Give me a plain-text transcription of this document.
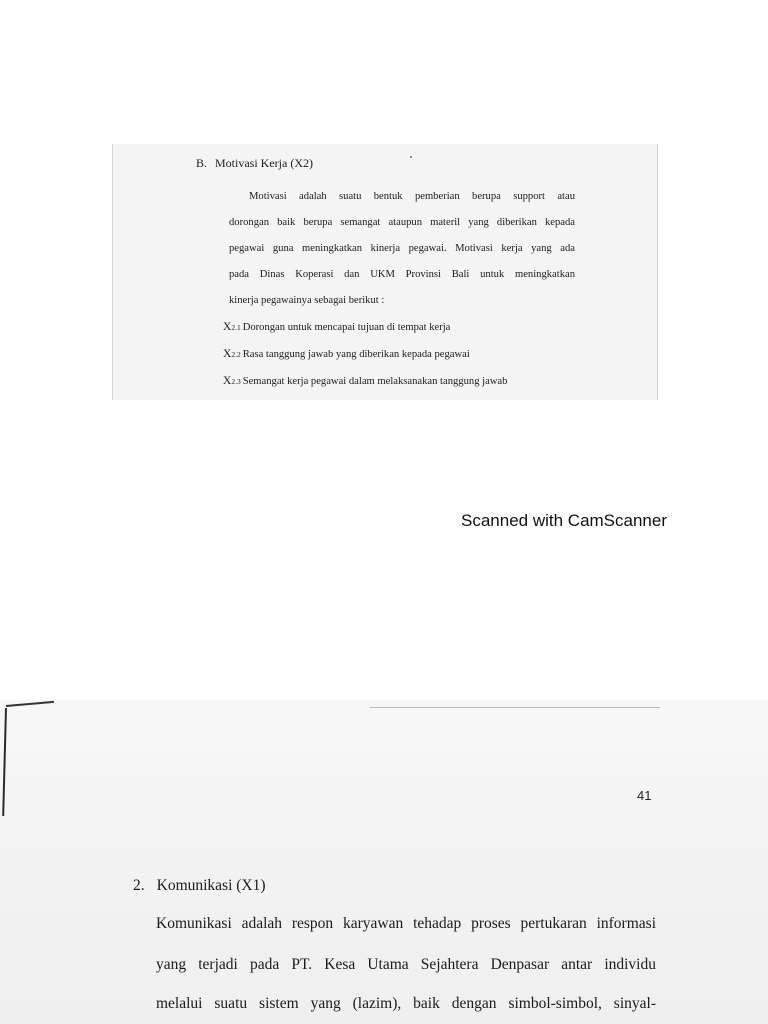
B. Motivasi Kerja (X2)
Motivasi adalah suatu bentuk pemberian berupa support atau
dorongan baik berupa semangat ataupun materil yang diberikan kepada
pegawai guna meningkatkan kinerja pegawai. Motivasi kerja yang ada
pada Dinas Koperasi dan UKM Provinsi Bali untuk meningkatkan
kinerja pegawainya sebagai berikut :
X2.1 Dorongan untuk mencapai tujuan di tempat kerja
X2.2 Rasa tanggung jawab yang diberikan kepada pegawai
X2.3 Semangat kerja pegawai dalam melaksanakan tanggung jawab
Scanned with CamScanner
41
2. Komunikasi (X1)
Komunikasi adalah respon karyawan tehadap proses pertukaran informasi
yang terjadi pada PT. Kesa Utama Sejahtera Denpasar antar individu
melalui suatu sistem yang (lazim), baik dengan simbol-simbol, sinyal-
